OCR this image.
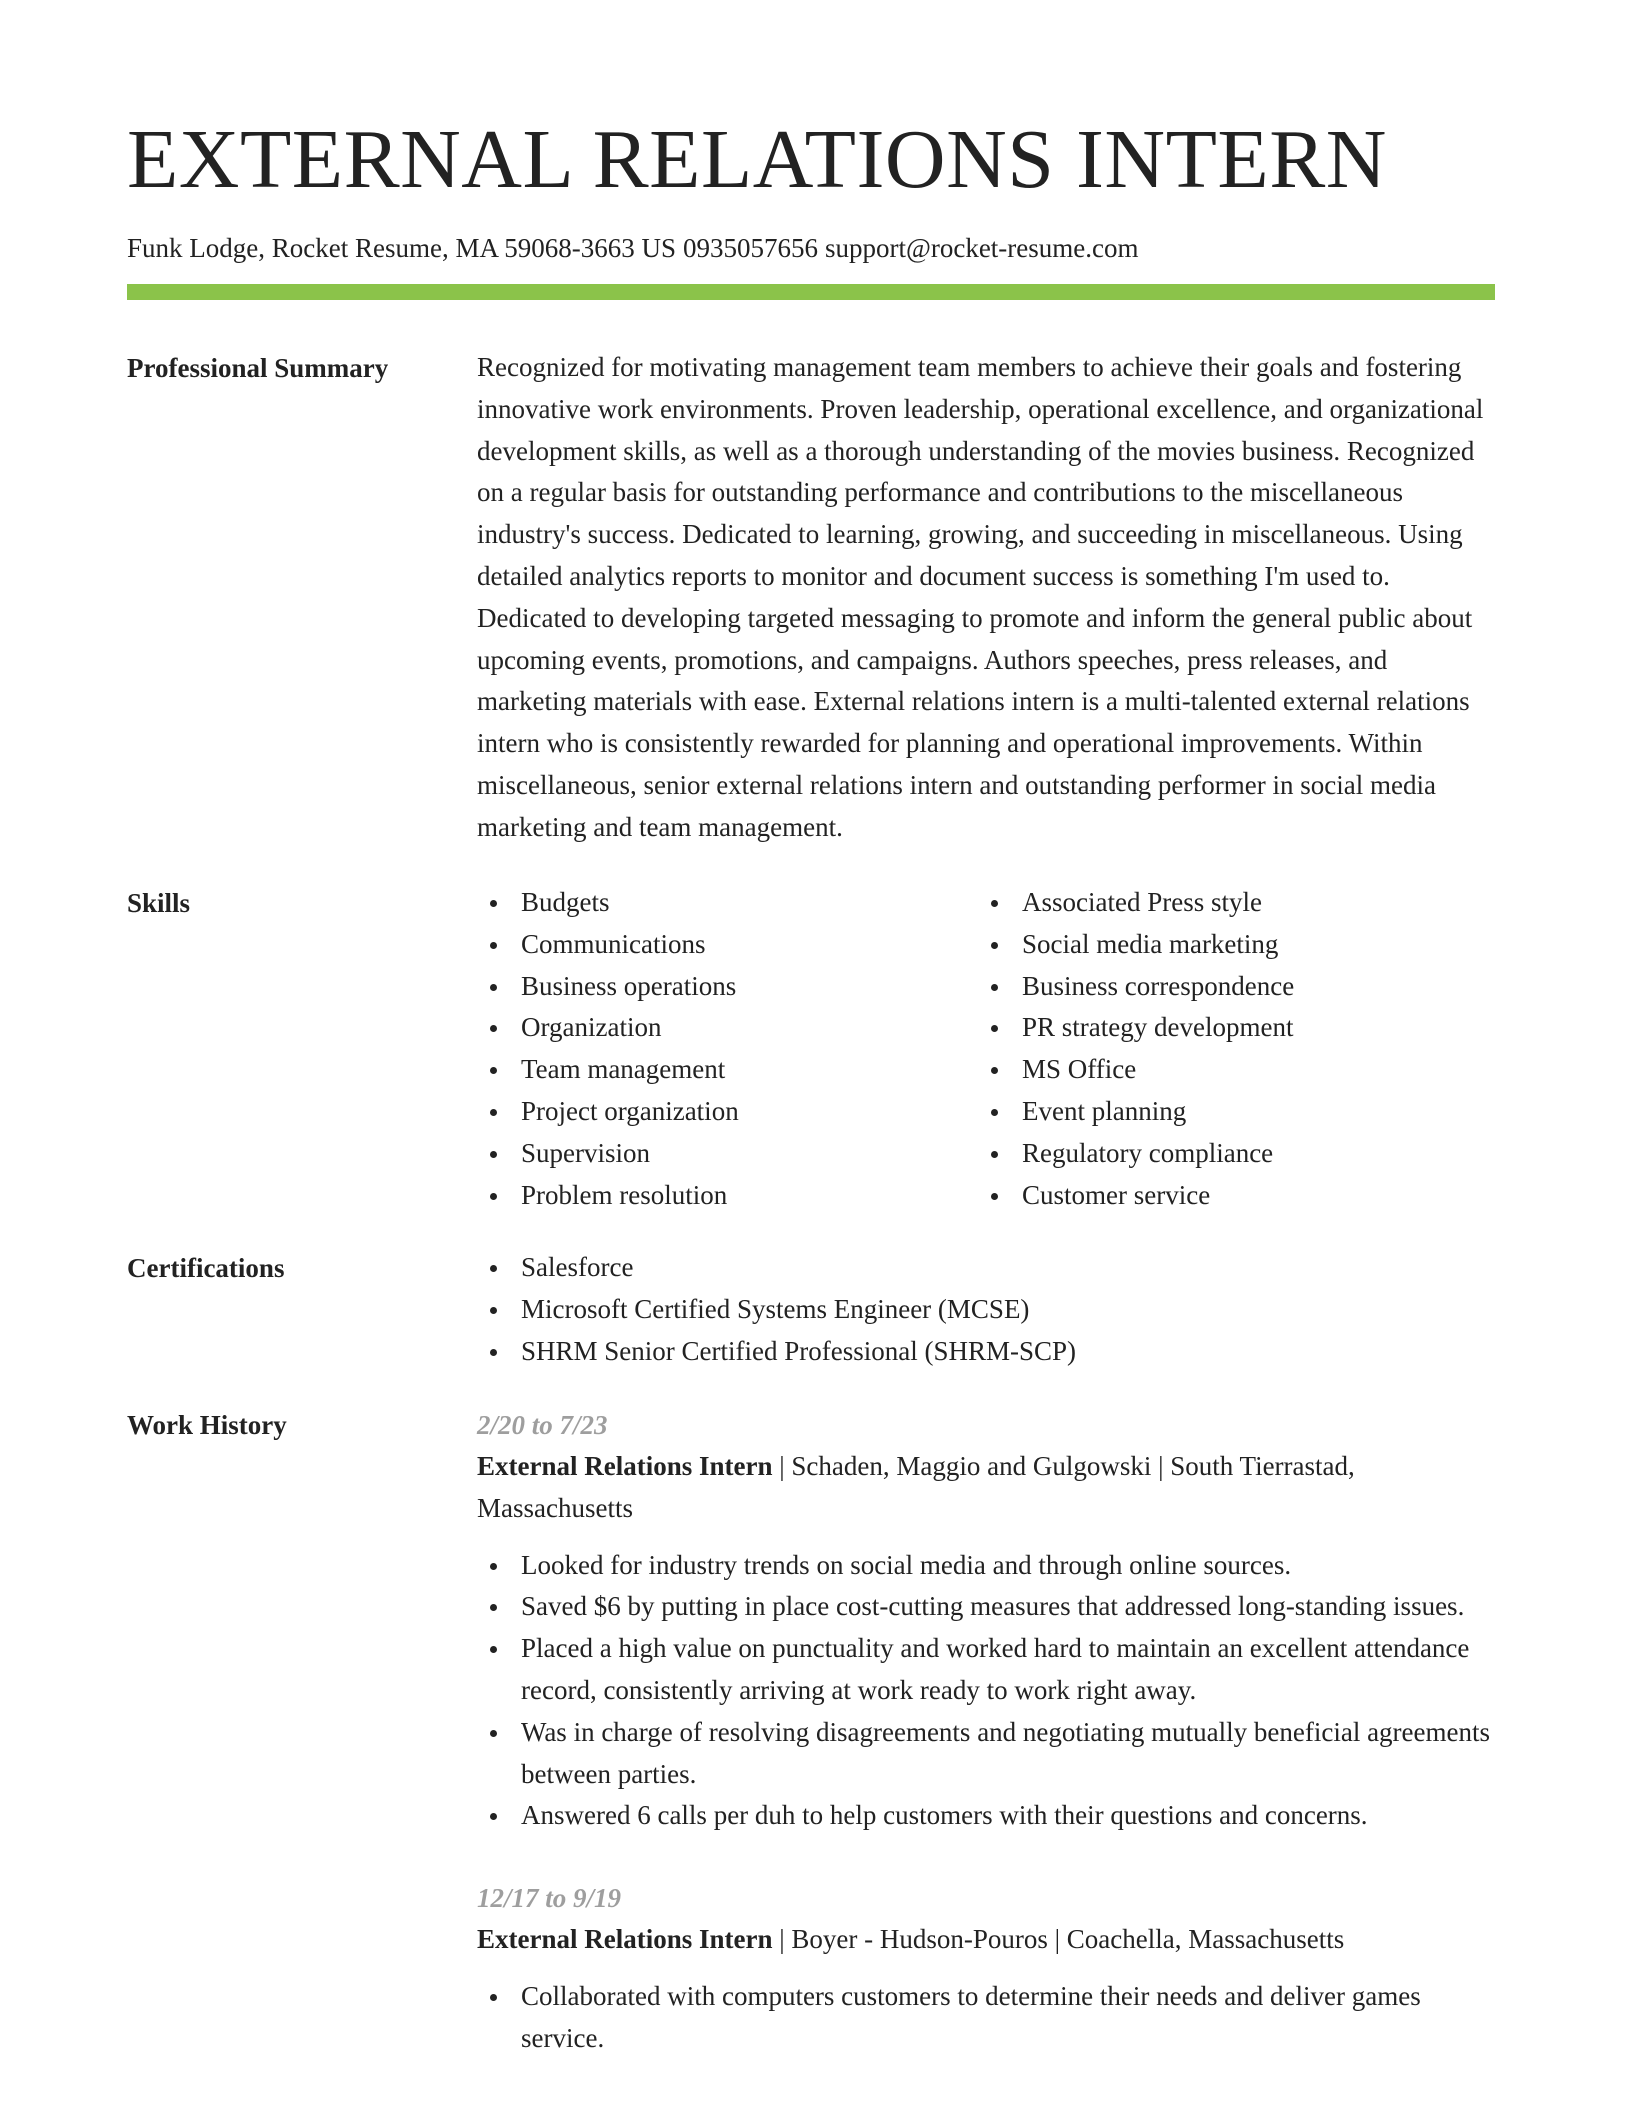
EXTERNAL RELATIONS INTERN
Funk Lodge, Rocket Resume, MA 59068-3663 US 0935057656 support@rocket-resume.com
Professional Summary	Recognized for motivating management team members to achieve their goals and fostering innovative work environments. Proven leadership, operational excellence, and organizational development skills, as well as a thorough understanding of the movies business. Recognized on a regular basis for outstanding performance and contributions to the miscellaneous industry's success. Dedicated to learning, growing, and succeeding in miscellaneous. Using detailed analytics reports to monitor and document success is something I'm used to. Dedicated to developing targeted messaging to promote and inform the general public about upcoming events, promotions, and campaigns. Authors speeches, press releases, and marketing materials with ease. External relations intern is a multi-talented external relations intern who is consistently rewarded for planning and operational improvements. Within miscellaneous, senior external relations intern and outstanding performer in social media marketing and team management.

Skills	Budgets
Communications
Business operations
Organization
Team management
Project organization
Supervision
Problem resolution
Associated Press style
Social media marketing
Business correspondence
PR strategy development
MS Office
Event planning
Regulatory compliance
Customer service
Certifications	Salesforce
Microsoft Certified Systems Engineer (MCSE)
SHRM Senior Certified Professional (SHRM-SCP)
Work History	2/20 to 7/23
External Relations Intern | Schaden, Maggio and Gulgowski | South Tierrastad, Massachusetts
Looked for industry trends on social media and through online sources.
Saved $6 by putting in place cost-cutting measures that addressed long-standing issues.
Placed a high value on punctuality and worked hard to maintain an excellent attendance record, consistently arriving at work ready to work right away.
Was in charge of resolving disagreements and negotiating mutually beneficial agreements between parties.
Answered 6 calls per duh to help customers with their questions and concerns.
12/17 to 9/19
External Relations Intern | Boyer - Hudson-Pouros | Coachella, Massachusetts
Collaborated with computers customers to determine their needs and deliver games service.
